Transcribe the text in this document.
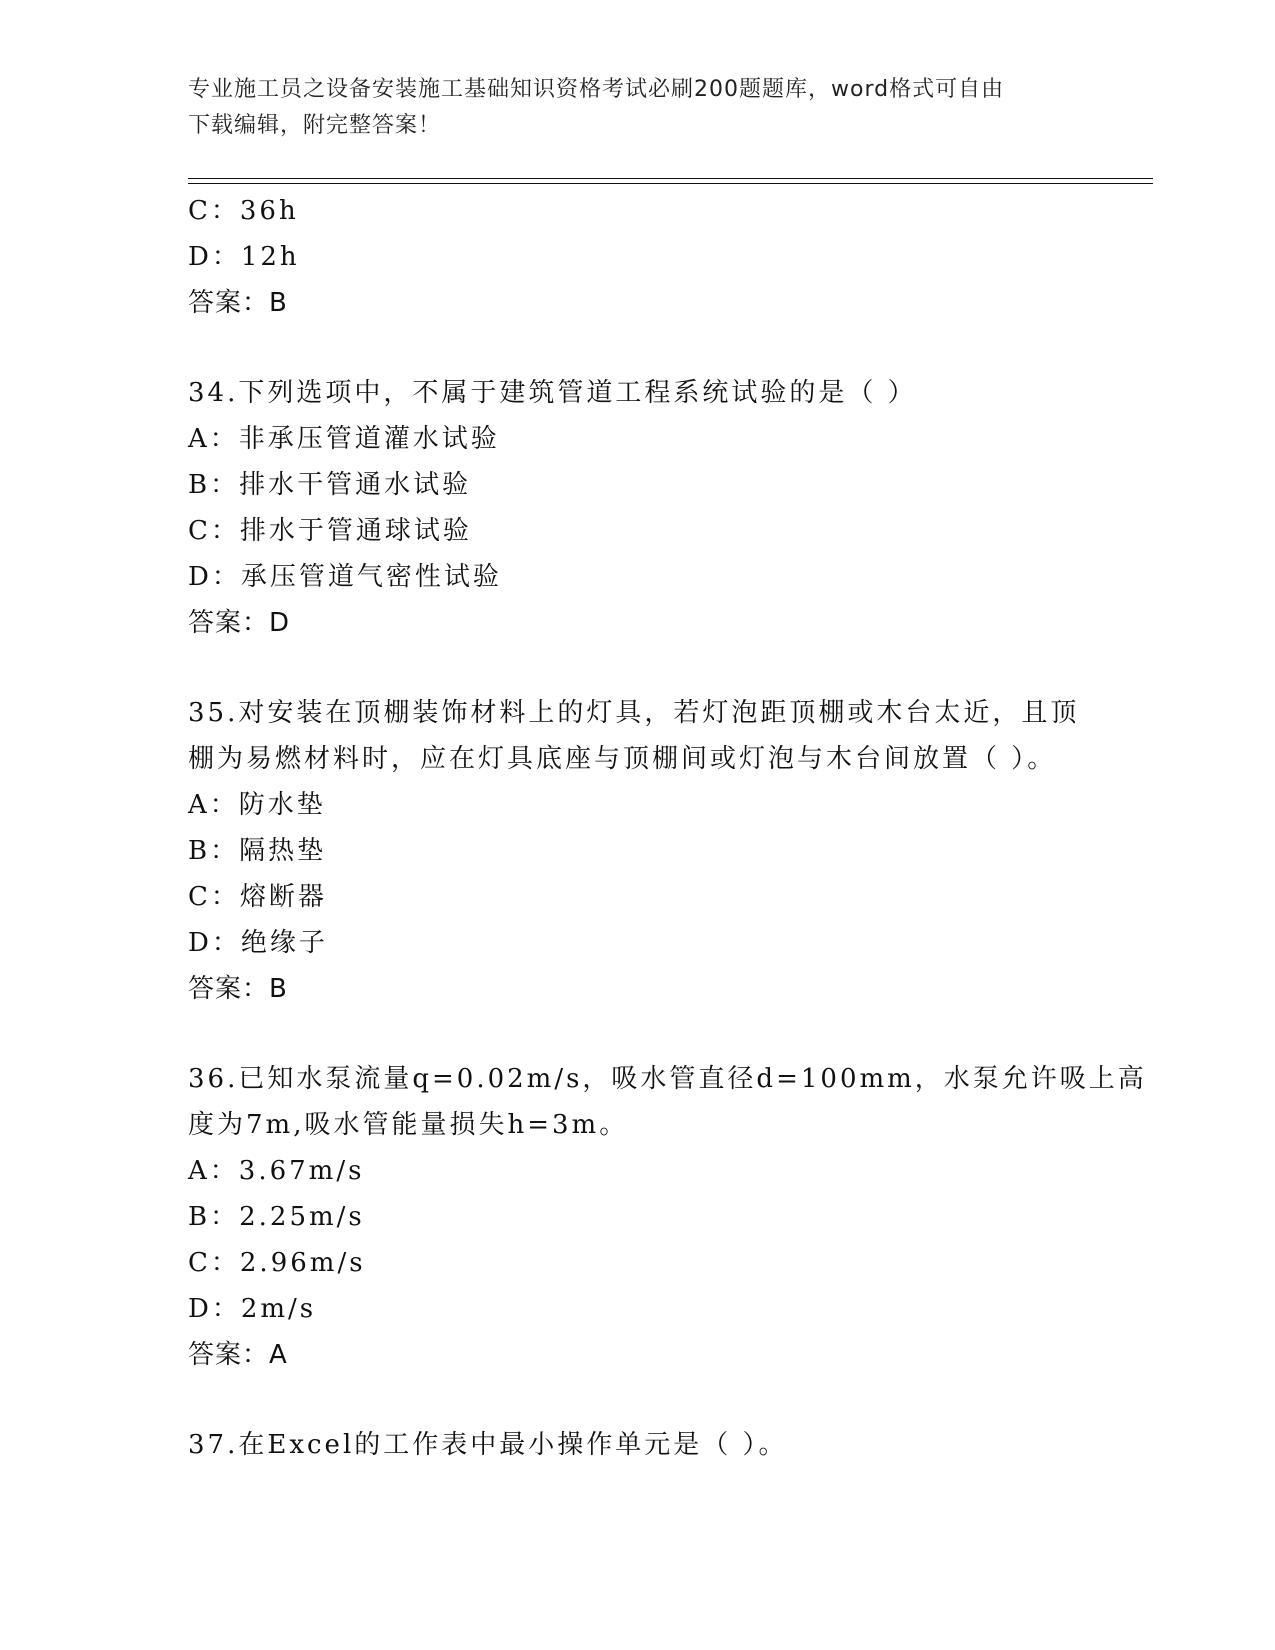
专业施工员之设备安装施工基础知识资格考试必刷200题题库，word格式可自由
下载编辑，附完整答案！
C：36h
D：12h
答案：B
34.下列选项中，不属于建筑管道工程系统试验的是（ ）
A：非承压管道灌水试验
B：排水干管通水试验
C：排水于管通球试验
D：承压管道气密性试验
答案：D
35.对安装在顶棚装饰材料上的灯具，若灯泡距顶棚或木台太近，且顶
棚为易燃材料时，应在灯具底座与顶棚间或灯泡与木台间放置（ ）。
A：防水垫
B：隔热垫
C：熔断器
D：绝缘子
答案：B
36.已知水泵流量q=0.02m/s，吸水管直径d=100mm，水泵允许吸上高
度为7m,吸水管能量损失h=3m。
A：3.67m/s
B：2.25m/s
C：2.96m/s
D：2m/s
答案：A
37.在Excel的工作表中最小操作单元是（ ）。
